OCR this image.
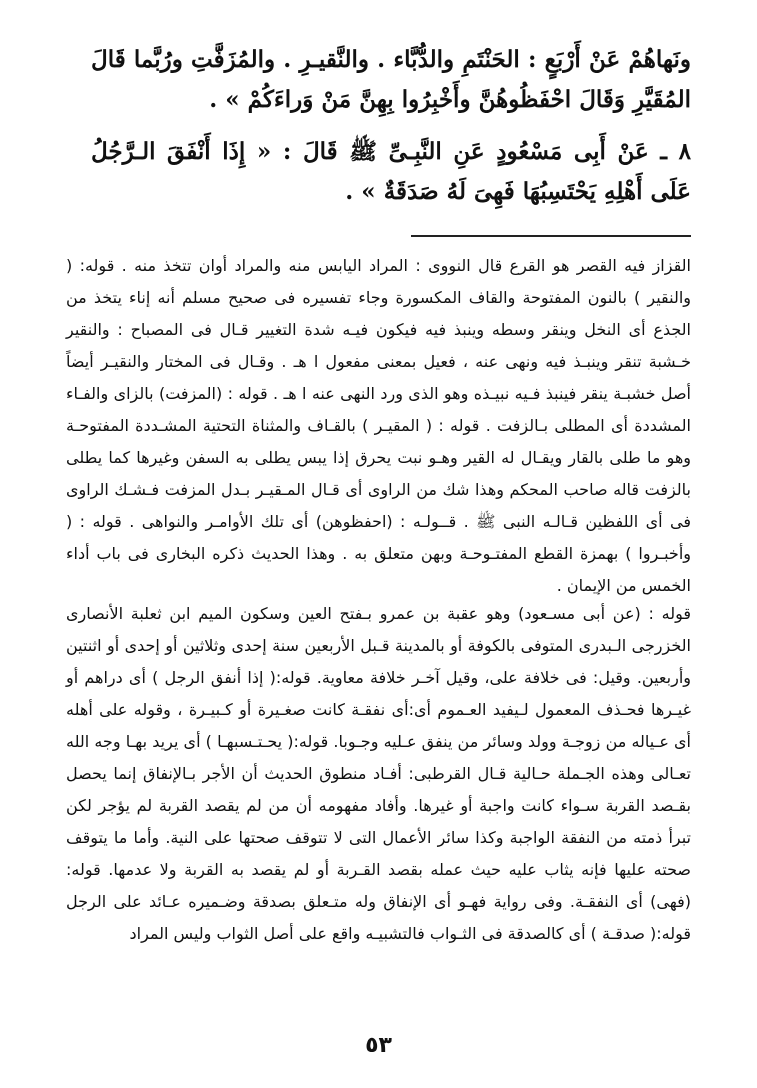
ونَهاهُمْ عَنْ أَرْبَعٍ : الحَنْتَمِ والدُّبَّاء . والنَّقيـرِ . والمُزَفَّتِ ورُبَّما قَالَ المُقَيَّرِ وَقَالَ احْفَظُوهُنَّ وأَخْبِرُوا بِهِنَّ مَنْ وَراءَكُمْ » .
٨ ـ عَنْ أَبِى مَسْعُودٍ عَنِ النَّبِـىِّ ﷺ قَالَ : « إِذَا أَنْفَقَ الـرَّجُلُ عَلَى أَهْلِهِ يَحْتَسِبُهَا فَهِىَ لَهُ صَدَقَةٌ » .
القزاز فيه القصر هو القرع قال النووى : المراد اليابس منه والمراد أوان تتخذ منه . قوله: ( والنقير ) بالنون المفتوحة والقاف المكسورة وجاء تفسيره فى صحيح مسلم أنه إناء يتخذ من الجذع أى النخل وينقر وسطه وينبذ فيه فيكون فيـه شدة التغيير قـال فى المصباح : والنقير خـشبة تنقر وينبـذ فيه ونهى عنه ، فعيل بمعنى مفعول ا هـ . وقـال فى المختار والنقيـر أيضاً أصل خشبـة ينقر فينبذ فـيه نبيـذه وهو الذى ورد النهى عنه ا هـ . قوله : (المزفت) بالزاى والفـاء المشددة أى المطلى بـالزفت . قوله : ( المقيـر ) بالقـاف والمثناة التحتية المشـددة المفتوحـة وهو ما طلى بالقار ويقـال له القير وهـو نبت يحرق إذا يبس يطلى به السفن وغيرها كما يطلى بالزفت قاله صاحب المحكم وهذا شك من الراوى أى قـال المـقيـر بـدل المزفت فـشـك الراوى فى أى اللفظين قـالـه النبى ﷺ . قــولـه : (احفظوهن) أى تلك الأوامـر والنواهى . قوله : ( وأخبـروا ) بهمزة القطع المفتـوحـة وبهن متعلق به . وهذا الحديث ذكره البخارى فى باب أداء الخمس من الإيمان .
قوله : (عن أبى مسـعود) وهو عقبة بن عمرو بـفتح العين وسكون الميم ابن ثعلبة الأنصارى الخزرجى الـبدرى المتوفى بالكوفة أو بالمدينة قـبل الأربعين سنة إحدى وثلاثين أو إحدى أو اثنتين وأربعين. وقيل: فى خلافة على، وقيل آخـر خلافة معاوية. قوله:( إذا أنفق الرجل ) أى دراهم أو غيـرها فحـذف المعمول لـيفيد العـموم أى:أى نفقـة كانت صغـيرة أو كـبيـرة ، وقوله على أهله أى عـياله من زوجـة وولد وسائر من ينفق عـليه وجـوبا. قوله:( يحـتـسبهـا ) أى يريد بهـا وجه الله تعـالى وهذه الجـملة حـالية قـال القرطبى: أفـاد منطوق الحديث أن الأجر بـالإنفاق إنما يحصل بقـصد القربة سـواء كانت واجبة أو غيرها. وأفاد مفهومه أن من لم يقصد القربة لم يؤجر لكن تبرأ ذمته من النفقة الواجبة وكذا سائر الأعمال التى لا تتوقف صحتها على النية. وأما ما يتوقف صحته عليها فإنه يثاب عليه حيث عمله بقصد القـربة أو لم يقصد به القربة ولا عدمها. قوله:(فهى) أى النفقـة. وفى رواية فهـو أى الإنفاق وله متـعلق بصدقة وضـميره عـائد على الرجل قوله:( صدقـة ) أى كالصدقة فى الثـواب فالتشبيـه واقع على أصل الثواب وليس المراد
٥٣
